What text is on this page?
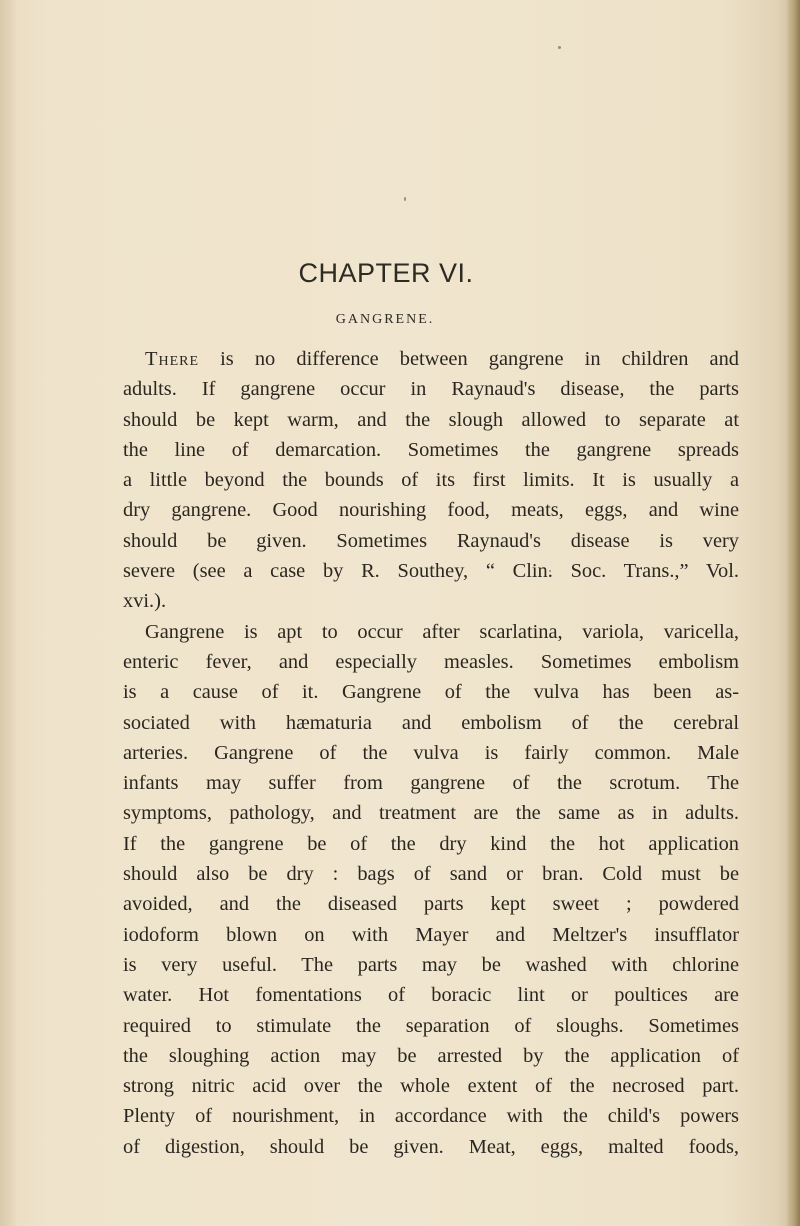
CHAPTER VI.
GANGRENE.
There is no difference between gangrene in children and
adults. If gangrene occur in Raynaud's disease, the parts
should be kept warm, and the slough allowed to separate at
the line of demarcation. Sometimes the gangrene spreads
a little beyond the bounds of its first limits. It is usually a
dry gangrene. Good nourishing food, meats, eggs, and wine
should be given. Sometimes Raynaud's disease is very
severe (see a case by R. Southey, “ Clin. Soc. Trans.,” Vol.
xvi.).
Gangrene is apt to occur after scarlatina, variola, varicella,
enteric fever, and especially measles. Sometimes embolism
is a cause of it. Gangrene of the vulva has been as-
sociated with hæmaturia and embolism of the cerebral
arteries. Gangrene of the vulva is fairly common. Male
infants may suffer from gangrene of the scrotum. The
symptoms, pathology, and treatment are the same as in adults.
If the gangrene be of the dry kind the hot application
should also be dry : bags of sand or bran. Cold must be
avoided, and the diseased parts kept sweet ; powdered
iodoform blown on with Mayer and Meltzer's insufflator
is very useful. The parts may be washed with chlorine
water. Hot fomentations of boracic lint or poultices are
required to stimulate the separation of sloughs. Sometimes
the sloughing action may be arrested by the application of
strong nitric acid over the whole extent of the necrosed part.
Plenty of nourishment, in accordance with the child's powers
of digestion, should be given. Meat, eggs, malted foods,
